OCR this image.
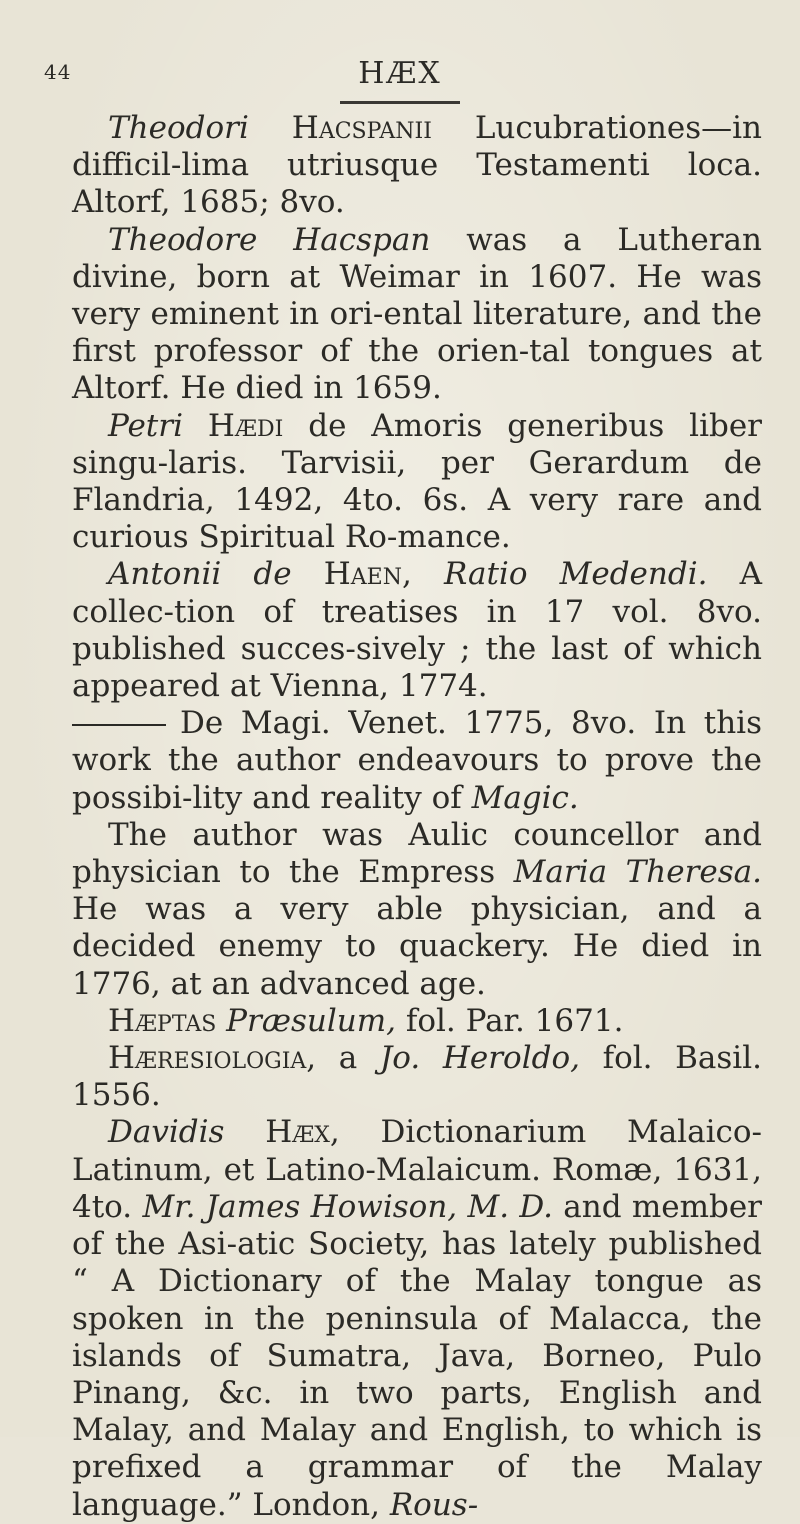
44	HÆX

Theodori Hacspanii Lucubrationes—in difficil-lima utriusque Testamenti loca. Altorf, 1685; 8vo.

Theodore Hacspan was a Lutheran divine, born at Weimar in 1607. He was very eminent in ori-ental literature, and the first professor of the orien-tal tongues at Altorf. He died in 1659.

Petri Hædi de Amoris generibus liber singu-laris. Tarvisii, per Gerardum de Flandria, 1492, 4to. 6s. A very rare and curious Spiritual Ro-mance.

Antonii de Haen, Ratio Medendi. A collec-tion of treatises in 17 vol. 8vo. published succes-sively ; the last of which appeared at Vienna, 1774.

De Magi. Venet. 1775, 8vo. In this work the author endeavours to prove the possibi-lity and reality of Magic.

The author was Aulic councellor and physician to the Empress Maria Theresa. He was a very able physician, and a decided enemy to quackery. He died in 1776, at an advanced age.

Hæptas Præsulum, fol. Par. 1671.

Hæresiologia, a Jo. Heroldo, fol. Basil. 1556.

Davidis Hæx, Dictionarium Malaico-Latinum, et Latino-Malaicum. Romæ, 1631, 4to. Mr. James Howison, M. D. and member of the Asi-atic Society, has lately published “ A Dictionary of the Malay tongue as spoken in the peninsula of Malacca, the islands of Sumatra, Java, Borneo, Pulo Pinang, &c. in two parts, English and Malay, and Malay and English, to which is prefixed a grammar of the Malay language.” London, Rous-
